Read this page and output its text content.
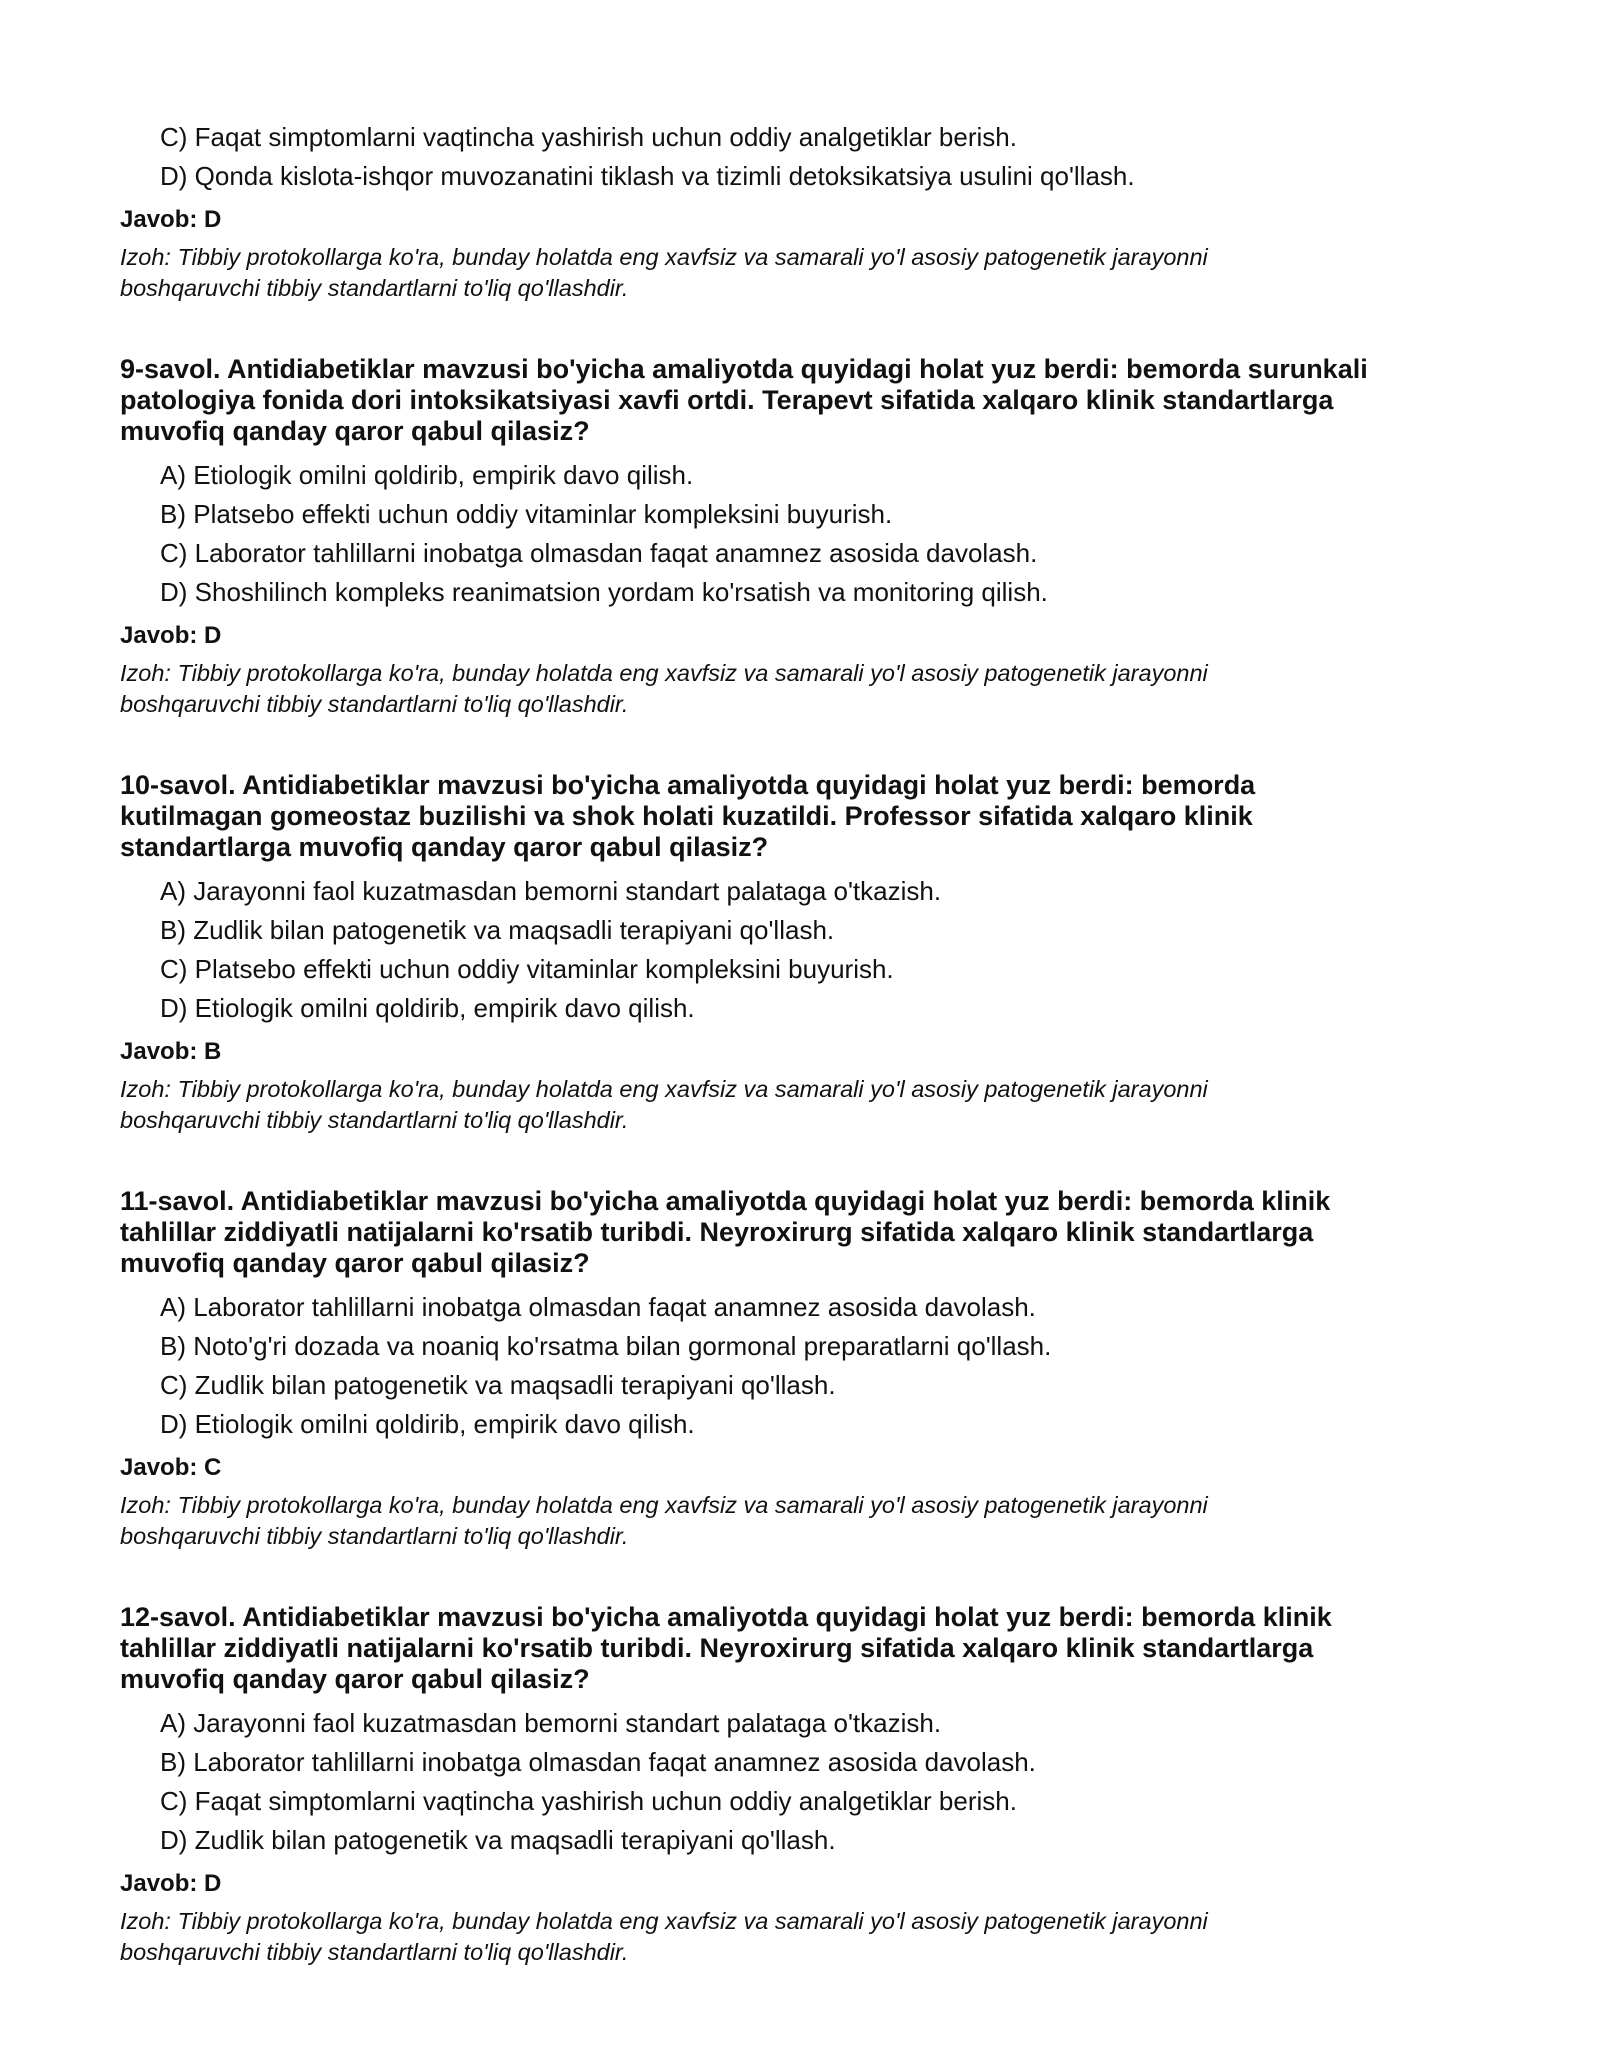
C) Faqat simptomlarni vaqtincha yashirish uchun oddiy analgetiklar berish.
D) Qonda kislota-ishqor muvozanatini tiklash va tizimli detoksikatsiya usulini qo'llash.
Javob: D
Izoh: Tibbiy protokollarga ko'ra, bunday holatda eng xavfsiz va samarali yo'l asosiy patogenetik jarayonni
boshqaruvchi tibbiy standartlarni to'liq qo'llashdir.
9-savol. Antidiabetiklar mavzusi bo'yicha amaliyotda quyidagi holat yuz berdi: bemorda surunkali
patologiya fonida dori intoksikatsiyasi xavfi ortdi. Terapevt sifatida xalqaro klinik standartlarga
muvofiq qanday qaror qabul qilasiz?
A) Etiologik omilni qoldirib, empirik davo qilish.
B) Platsebo effekti uchun oddiy vitaminlar kompleksini buyurish.
C) Laborator tahlillarni inobatga olmasdan faqat anamnez asosida davolash.
D) Shoshilinch kompleks reanimatsion yordam ko'rsatish va monitoring qilish.
Javob: D
Izoh: Tibbiy protokollarga ko'ra, bunday holatda eng xavfsiz va samarali yo'l asosiy patogenetik jarayonni
boshqaruvchi tibbiy standartlarni to'liq qo'llashdir.
10-savol. Antidiabetiklar mavzusi bo'yicha amaliyotda quyidagi holat yuz berdi: bemorda
kutilmagan gomeostaz buzilishi va shok holati kuzatildi. Professor sifatida xalqaro klinik
standartlarga muvofiq qanday qaror qabul qilasiz?
A) Jarayonni faol kuzatmasdan bemorni standart palataga o'tkazish.
B) Zudlik bilan patogenetik va maqsadli terapiyani qo'llash.
C) Platsebo effekti uchun oddiy vitaminlar kompleksini buyurish.
D) Etiologik omilni qoldirib, empirik davo qilish.
Javob: B
Izoh: Tibbiy protokollarga ko'ra, bunday holatda eng xavfsiz va samarali yo'l asosiy patogenetik jarayonni
boshqaruvchi tibbiy standartlarni to'liq qo'llashdir.
11-savol. Antidiabetiklar mavzusi bo'yicha amaliyotda quyidagi holat yuz berdi: bemorda klinik
tahlillar ziddiyatli natijalarni ko'rsatib turibdi. Neyroxirurg sifatida xalqaro klinik standartlarga
muvofiq qanday qaror qabul qilasiz?
A) Laborator tahlillarni inobatga olmasdan faqat anamnez asosida davolash.
B) Noto'g'ri dozada va noaniq ko'rsatma bilan gormonal preparatlarni qo'llash.
C) Zudlik bilan patogenetik va maqsadli terapiyani qo'llash.
D) Etiologik omilni qoldirib, empirik davo qilish.
Javob: C
Izoh: Tibbiy protokollarga ko'ra, bunday holatda eng xavfsiz va samarali yo'l asosiy patogenetik jarayonni
boshqaruvchi tibbiy standartlarni to'liq qo'llashdir.
12-savol. Antidiabetiklar mavzusi bo'yicha amaliyotda quyidagi holat yuz berdi: bemorda klinik
tahlillar ziddiyatli natijalarni ko'rsatib turibdi. Neyroxirurg sifatida xalqaro klinik standartlarga
muvofiq qanday qaror qabul qilasiz?
A) Jarayonni faol kuzatmasdan bemorni standart palataga o'tkazish.
B) Laborator tahlillarni inobatga olmasdan faqat anamnez asosida davolash.
C) Faqat simptomlarni vaqtincha yashirish uchun oddiy analgetiklar berish.
D) Zudlik bilan patogenetik va maqsadli terapiyani qo'llash.
Javob: D
Izoh: Tibbiy protokollarga ko'ra, bunday holatda eng xavfsiz va samarali yo'l asosiy patogenetik jarayonni
boshqaruvchi tibbiy standartlarni to'liq qo'llashdir.
